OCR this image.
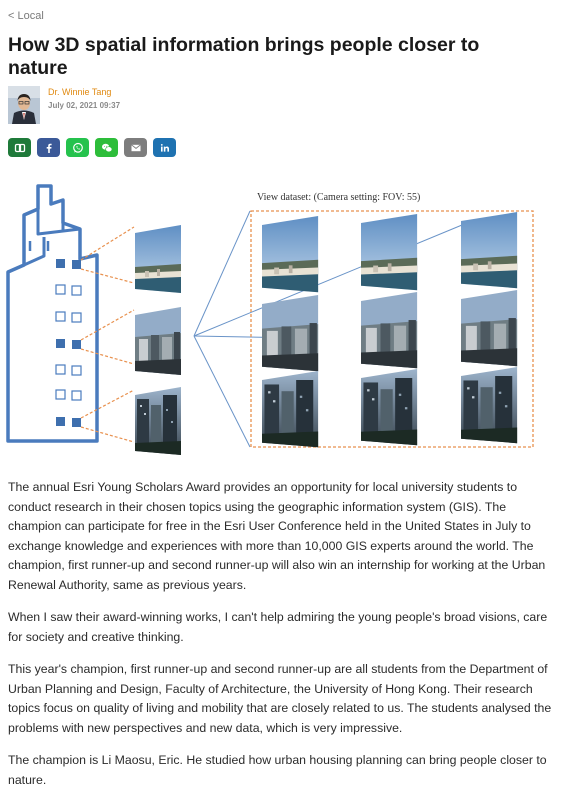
< Local
How 3D spatial information brings people closer to nature
Dr. Winnie Tang
July 02, 2021 09:37
View dataset: (Camera setting: FOV: 55)

The annual Esri Young Scholars Award provides an opportunity for local university students to conduct research in their chosen topics using the geographic information system (GIS). The champion can participate for free in the Esri User Conference held in the United States in July to exchange knowledge and experiences with more than 10,000 GIS experts around the world. The champion, first runner-up and second runner-up will also win an internship for working at the Urban Renewal Authority, same as previous years.

When I saw their award-winning works, I can't help admiring the young people's broad visions, care for society and creative thinking.

This year's champion, first runner-up and second runner-up are all students from the Department of Urban Planning and Design, Faculty of Architecture, the University of Hong Kong. Their research topics focus on quality of living and mobility that are closely related to us. The students analysed the problems with new perspectives and new data, which is very impressive.

The champion is Li Maosu, Eric. He studied how urban housing planning can bring people closer to nature.
